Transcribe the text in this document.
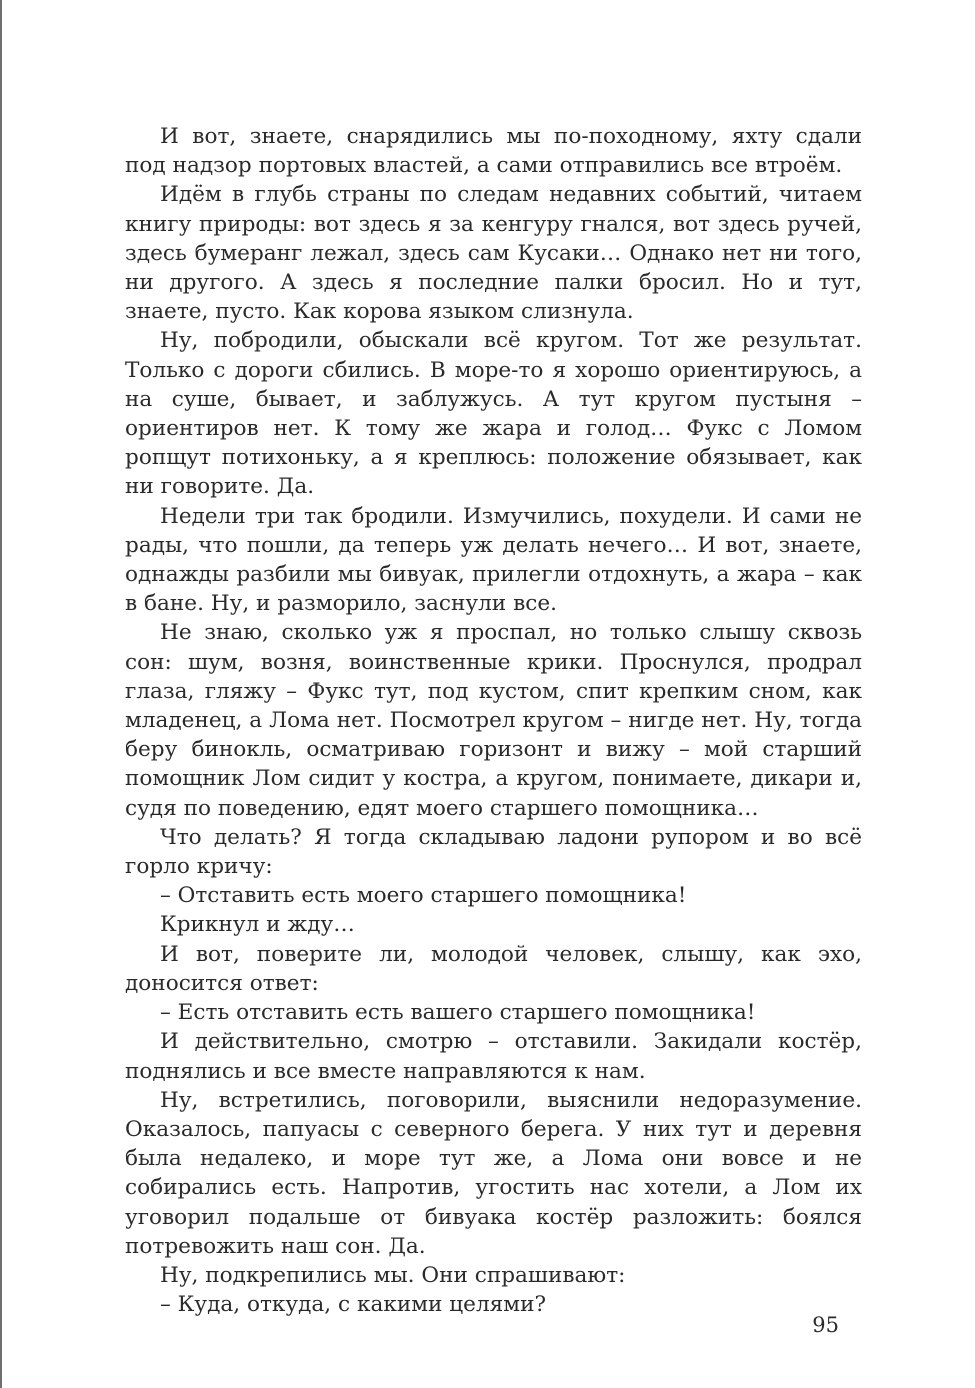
И вот, знаете, снарядились мы по-походному, яхту сдали под надзор портовых властей, а сами отправились все втроём.

Идём в глубь страны по следам недавних событий, читаем книгу природы: вот здесь я за кенгуру гнался, вот здесь ручей, здесь бумеранг лежал, здесь сам Кусаки… Однако нет ни того, ни другого. А здесь я последние палки бросил. Но и тут, знаете, пусто. Как корова языком слизнула.

Ну, побродили, обыскали всё кругом. Тот же результат. Только с дороги сбились. В море-то я хорошо ориентируюсь, а на суше, бывает, и заблужусь. А тут кругом пустыня – ориентиров нет. К тому же жара и голод… Фукс с Ломом ропщут потихоньку, а я креплюсь: положение обязывает, как ни говорите. Да.

Недели три так бродили. Измучились, похудели. И сами не рады, что пошли, да теперь уж делать нечего… И вот, знаете, однажды разбили мы бивуак, прилегли отдохнуть, а жара – как в бане. Ну, и разморило, заснули все.

Не знаю, сколько уж я проспал, но только слышу сквозь сон: шум, возня, воинственные крики. Проснулся, продрал глаза, гляжу – Фукс тут, под кустом, спит крепким сном, как младенец, а Лома нет. Посмотрел кругом – нигде нет. Ну, тогда беру бинокль, осматриваю горизонт и вижу – мой старший помощник Лом сидит у костра, а кругом, понимаете, дикари и, судя по поведению, едят моего старшего помощника…

Что делать? Я тогда складываю ладони рупором и во всё горло кричу:

– Отставить есть моего старшего помощника!

Крикнул и жду…

И вот, поверите ли, молодой человек, слышу, как эхо, доносится ответ:

– Есть отставить есть вашего старшего помощника!

И действительно, смотрю – отставили. Закидали костёр, поднялись и все вместе направляются к нам.

Ну, встретились, поговорили, выяснили недоразумение. Оказалось, папуасы с северного берега. У них тут и деревня была недалеко, и море тут же, а Лома они вовсе и не собирались есть. Напротив, угостить нас хотели, а Лом их уговорил подальше от бивуака костёр разложить: боялся потревожить наш сон. Да.

Ну, подкрепились мы. Они спрашивают:

– Куда, откуда, с какими целями?

95
